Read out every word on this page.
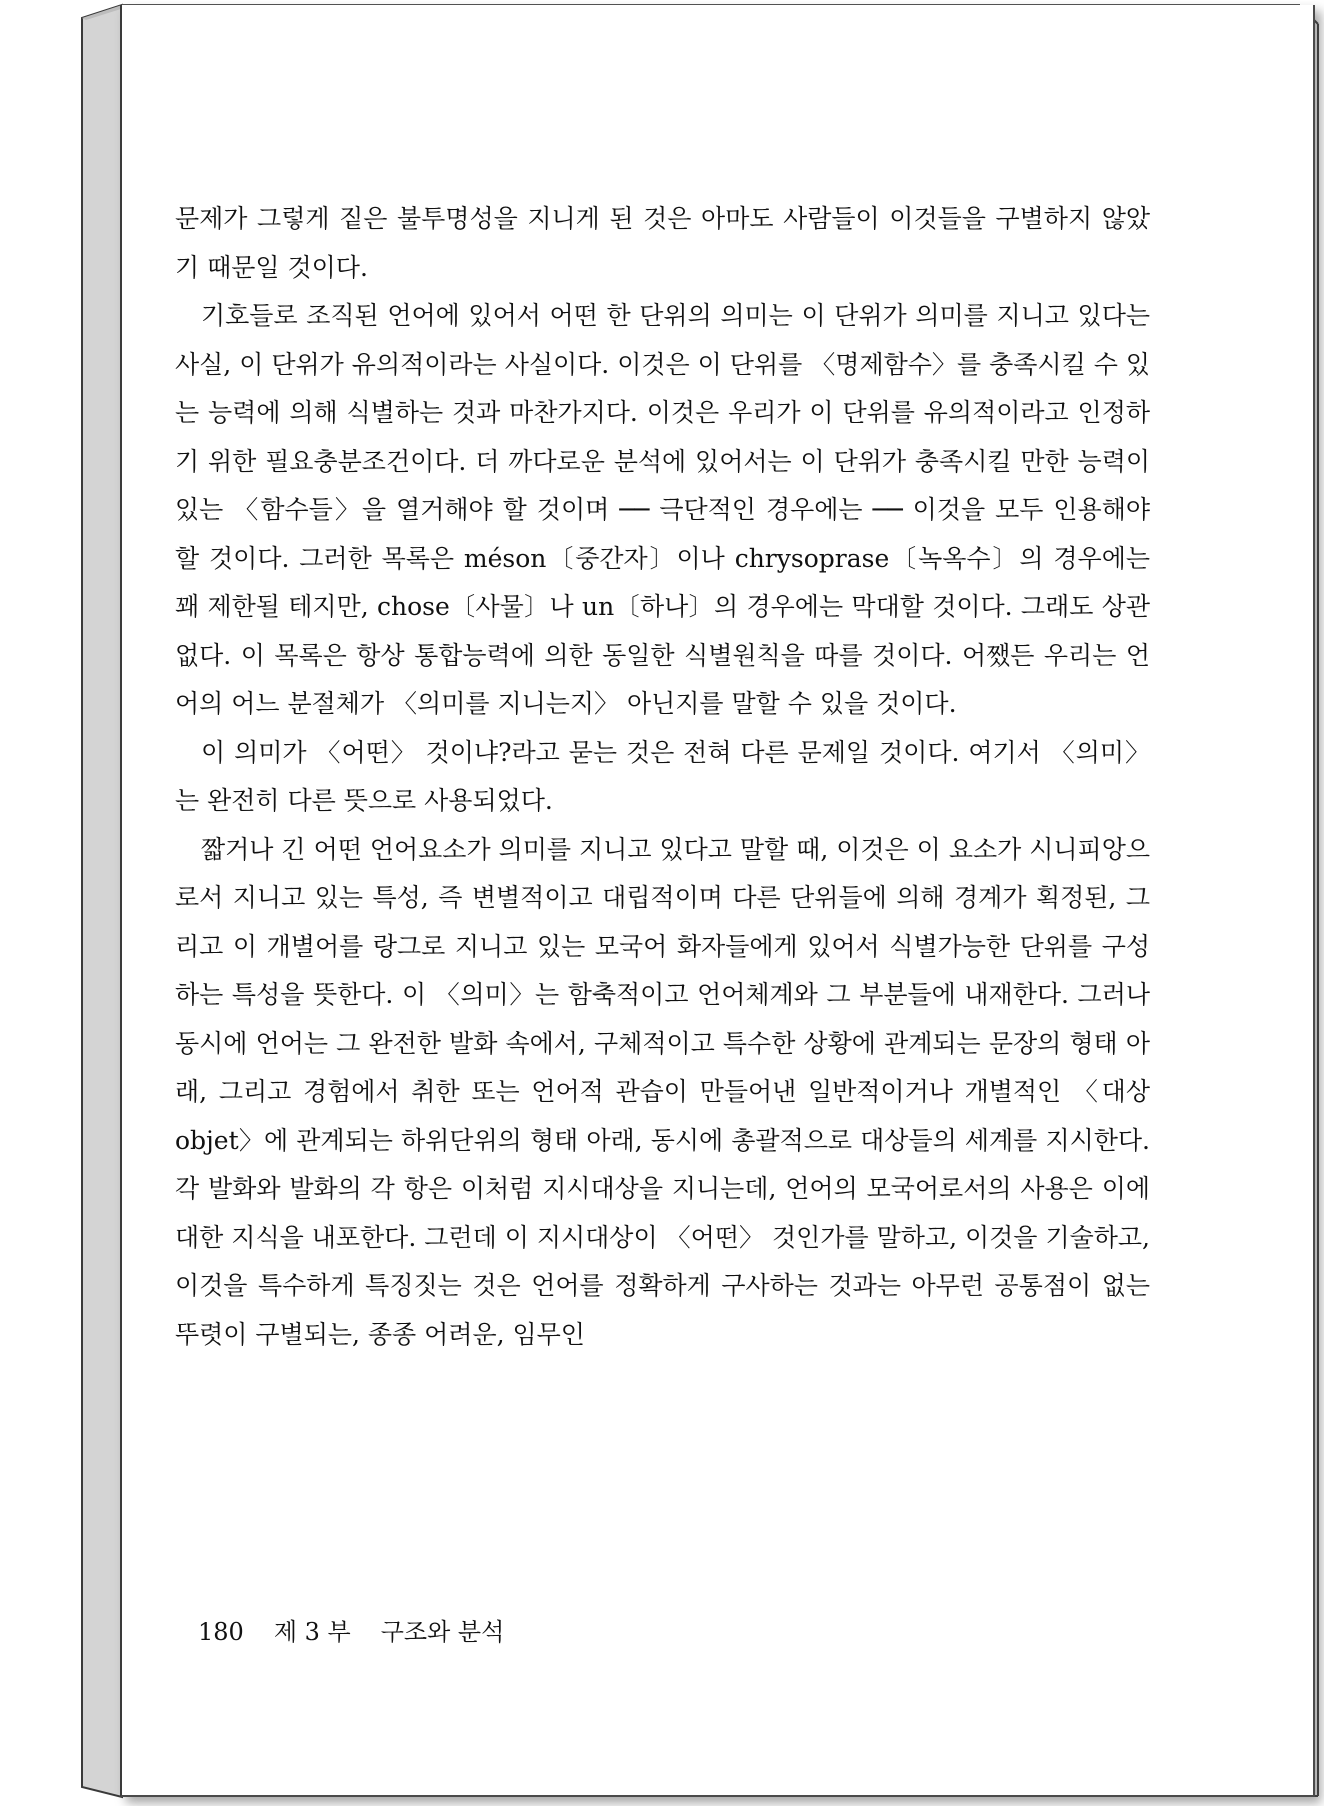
문제가 그렇게 짙은 불투명성을 지니게 된 것은 아마도 사람들이 이것들을 구별하지 않았기 때문일 것이다.

기호들로 조직된 언어에 있어서 어떤 한 단위의 의미는 이 단위가 의미를 지니고 있다는 사실, 이 단위가 유의적이라는 사실이다. 이것은 이 단위를 〈명제함수〉를 충족시킬 수 있는 능력에 의해 식별하는 것과 마찬가지다. 이것은 우리가 이 단위를 유의적이라고 인정하기 위한 필요충분조건이다. 더 까다로운 분석에 있어서는 이 단위가 충족시킬 만한 능력이 있는 〈함수들〉을 열거해야 할 것이며 ── 극단적인 경우에는 ── 이것을 모두 인용해야 할 것이다. 그러한 목록은 méson〔중간자〕이나 chrysoprase〔녹옥수〕의 경우에는 꽤 제한될 테지만, chose〔사물〕나 un〔하나〕의 경우에는 막대할 것이다. 그래도 상관없다. 이 목록은 항상 통합능력에 의한 동일한 식별원칙을 따를 것이다. 어쨌든 우리는 언어의 어느 분절체가 〈의미를 지니는지〉 아닌지를 말할 수 있을 것이다.

이 의미가 〈어떤〉 것이냐?라고 묻는 것은 전혀 다른 문제일 것이다. 여기서 〈의미〉는 완전히 다른 뜻으로 사용되었다.

짧거나 긴 어떤 언어요소가 의미를 지니고 있다고 말할 때, 이것은 이 요소가 시니피앙으로서 지니고 있는 특성, 즉 변별적이고 대립적이며 다른 단위들에 의해 경계가 획정된, 그리고 이 개별어를 랑그로 지니고 있는 모국어 화자들에게 있어서 식별가능한 단위를 구성하는 특성을 뜻한다. 이 〈의미〉는 함축적이고 언어체계와 그 부분들에 내재한다. 그러나 동시에 언어는 그 완전한 발화 속에서, 구체적이고 특수한 상황에 관계되는 문장의 형태 아래, 그리고 경험에서 취한 또는 언어적 관습이 만들어낸 일반적이거나 개별적인 〈대상 objet〉에 관계되는 하위단위의 형태 아래, 동시에 총괄적으로 대상들의 세계를 지시한다. 각 발화와 발화의 각 항은 이처럼 지시대상을 지니는데, 언어의 모국어로서의 사용은 이에 대한 지식을 내포한다. 그런데 이 지시대상이 〈어떤〉 것인가를 말하고, 이것을 기술하고, 이것을 특수하게 특징짓는 것은 언어를 정확하게 구사하는 것과는 아무런 공통점이 없는 뚜렷이 구별되는, 종종 어려운, 임무인

180 제 3 부 구조와 분석
